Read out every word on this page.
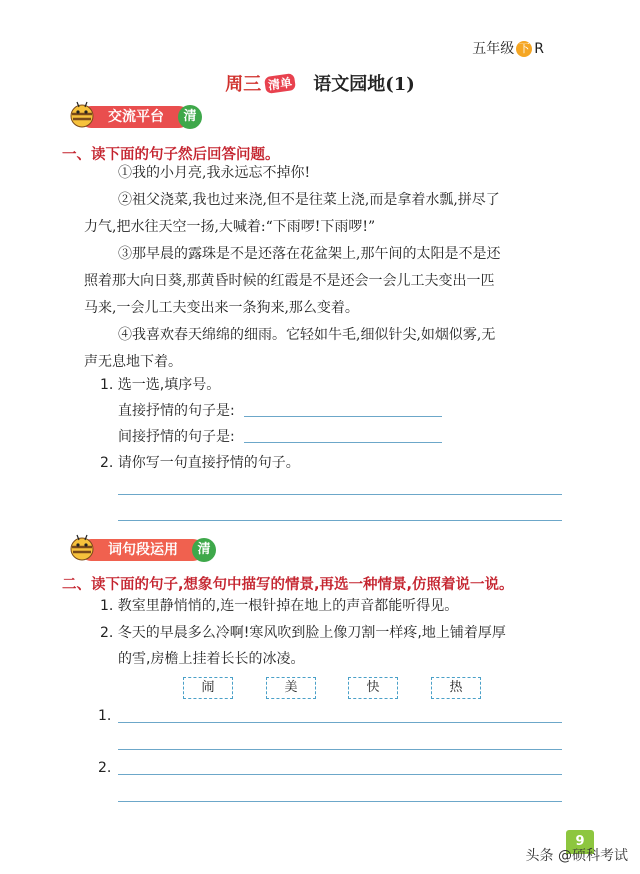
五年级 下 R
周三 清单 语文园地(1)
交流平台	清
一、读下面的句子然后回答问题。
①我的小月亮,我永远忘不掉你!
②祖父浇菜,我也过来浇,但不是往菜上浇,而是拿着水瓢,拼尽了
力气,把水往天空一扬,大喊着:“下雨啰!下雨啰!”
③那早晨的露珠是不是还落在花盆架上,那午间的太阳是不是还
照着那大向日葵,那黄昏时候的红霞是不是还会一会儿工夫变出一匹
马来,一会儿工夫变出来一条狗来,那么变着。
④我喜欢春天绵绵的细雨。它轻如牛毛,细似针尖,如烟似雾,无
声无息地下着。
1. 选一选,填序号。
直接抒情的句子是:
间接抒情的句子是:
2. 请你写一句直接抒情的句子。
词句段运用	清
二、读下面的句子,想象句中描写的情景,再选一种情景,仿照着说一说。
1. 教室里静悄悄的,连一根针掉在地上的声音都能听得见。
2. 冬天的早晨多么冷啊!寒风吹到脸上像刀割一样疼,地上铺着厚厚
的雪,房檐上挂着长长的冰凌。
闹	美	快	热
1.
2.
9
头条 @硕科考试
